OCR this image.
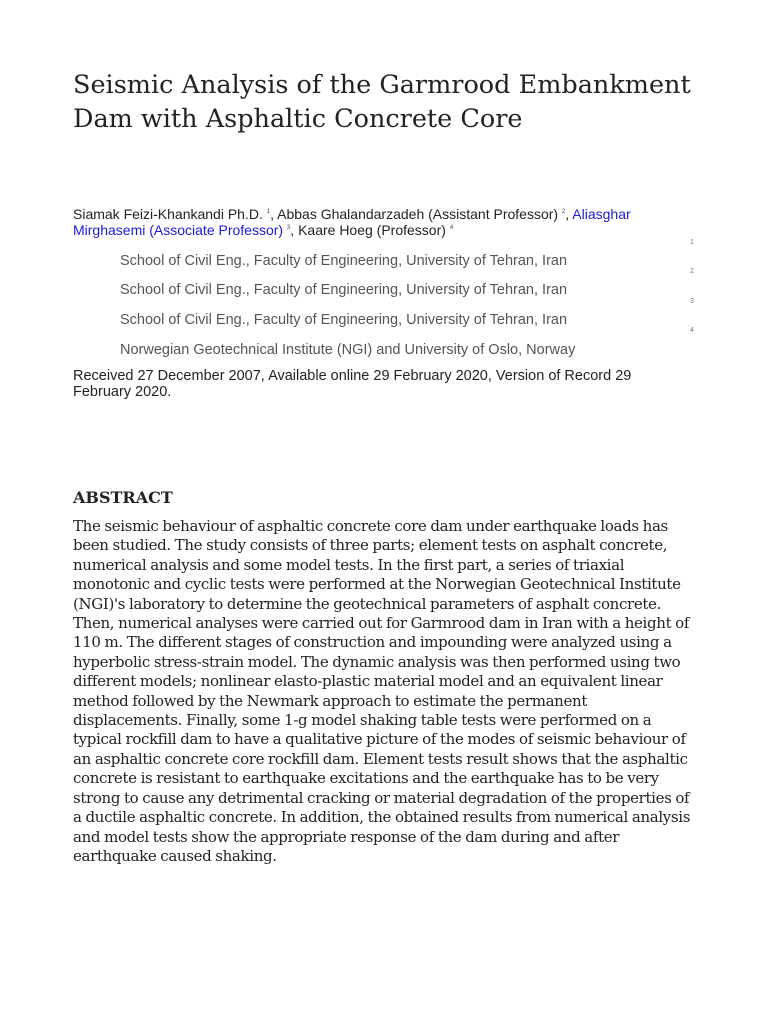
Seismic Analysis of the Garmrood Embankment Dam with Asphaltic Concrete Core
Siamak Feizi-Khankandi Ph.D. $^1$, Abbas Ghalandarzadeh (Assistant Professor) $^2$, Aliasghar Mirghasemi (Associate Professor) $^3$, Kaare Hoeg (Professor) $^4$
1
School of Civil Eng., Faculty of Engineering, University of Tehran, Iran
2
School of Civil Eng., Faculty of Engineering, University of Tehran, Iran
3
School of Civil Eng., Faculty of Engineering, University of Tehran, Iran
4
Norwegian Geotechnical Institute (NGI) and University of Oslo, Norway
Received 27 December 2007, Available online 29 February 2020, Version of Record 29 February 2020.
ABSTRACT

The seismic behaviour of asphaltic concrete core dam under earthquake loads has been studied. The study consists of three parts; element tests on asphalt concrete, numerical analysis and some model tests. In the first part, a series of triaxial monotonic and cyclic tests were performed at the Norwegian Geotechnical Institute (NGI)'s laboratory to determine the geotechnical parameters of asphalt concrete. Then, numerical analyses were carried out for Garmrood dam in Iran with a height of 110 m. The different stages of construction and impounding were analyzed using a hyperbolic stress-strain model. The dynamic analysis was then performed using two different models; nonlinear elasto-plastic material model and an equivalent linear method followed by the Newmark approach to estimate the permanent displacements. Finally, some 1-g model shaking table tests were performed on a typical rockfill dam to have a qualitative picture of the modes of seismic behaviour of an asphaltic concrete core rockfill dam. Element tests result shows that the asphaltic concrete is resistant to earthquake excitations and the earthquake has to be very strong to cause any detrimental cracking or material degradation of the properties of a ductile asphaltic concrete. In addition, the obtained results from numerical analysis and model tests show the appropriate response of the dam during and after earthquake caused shaking.
